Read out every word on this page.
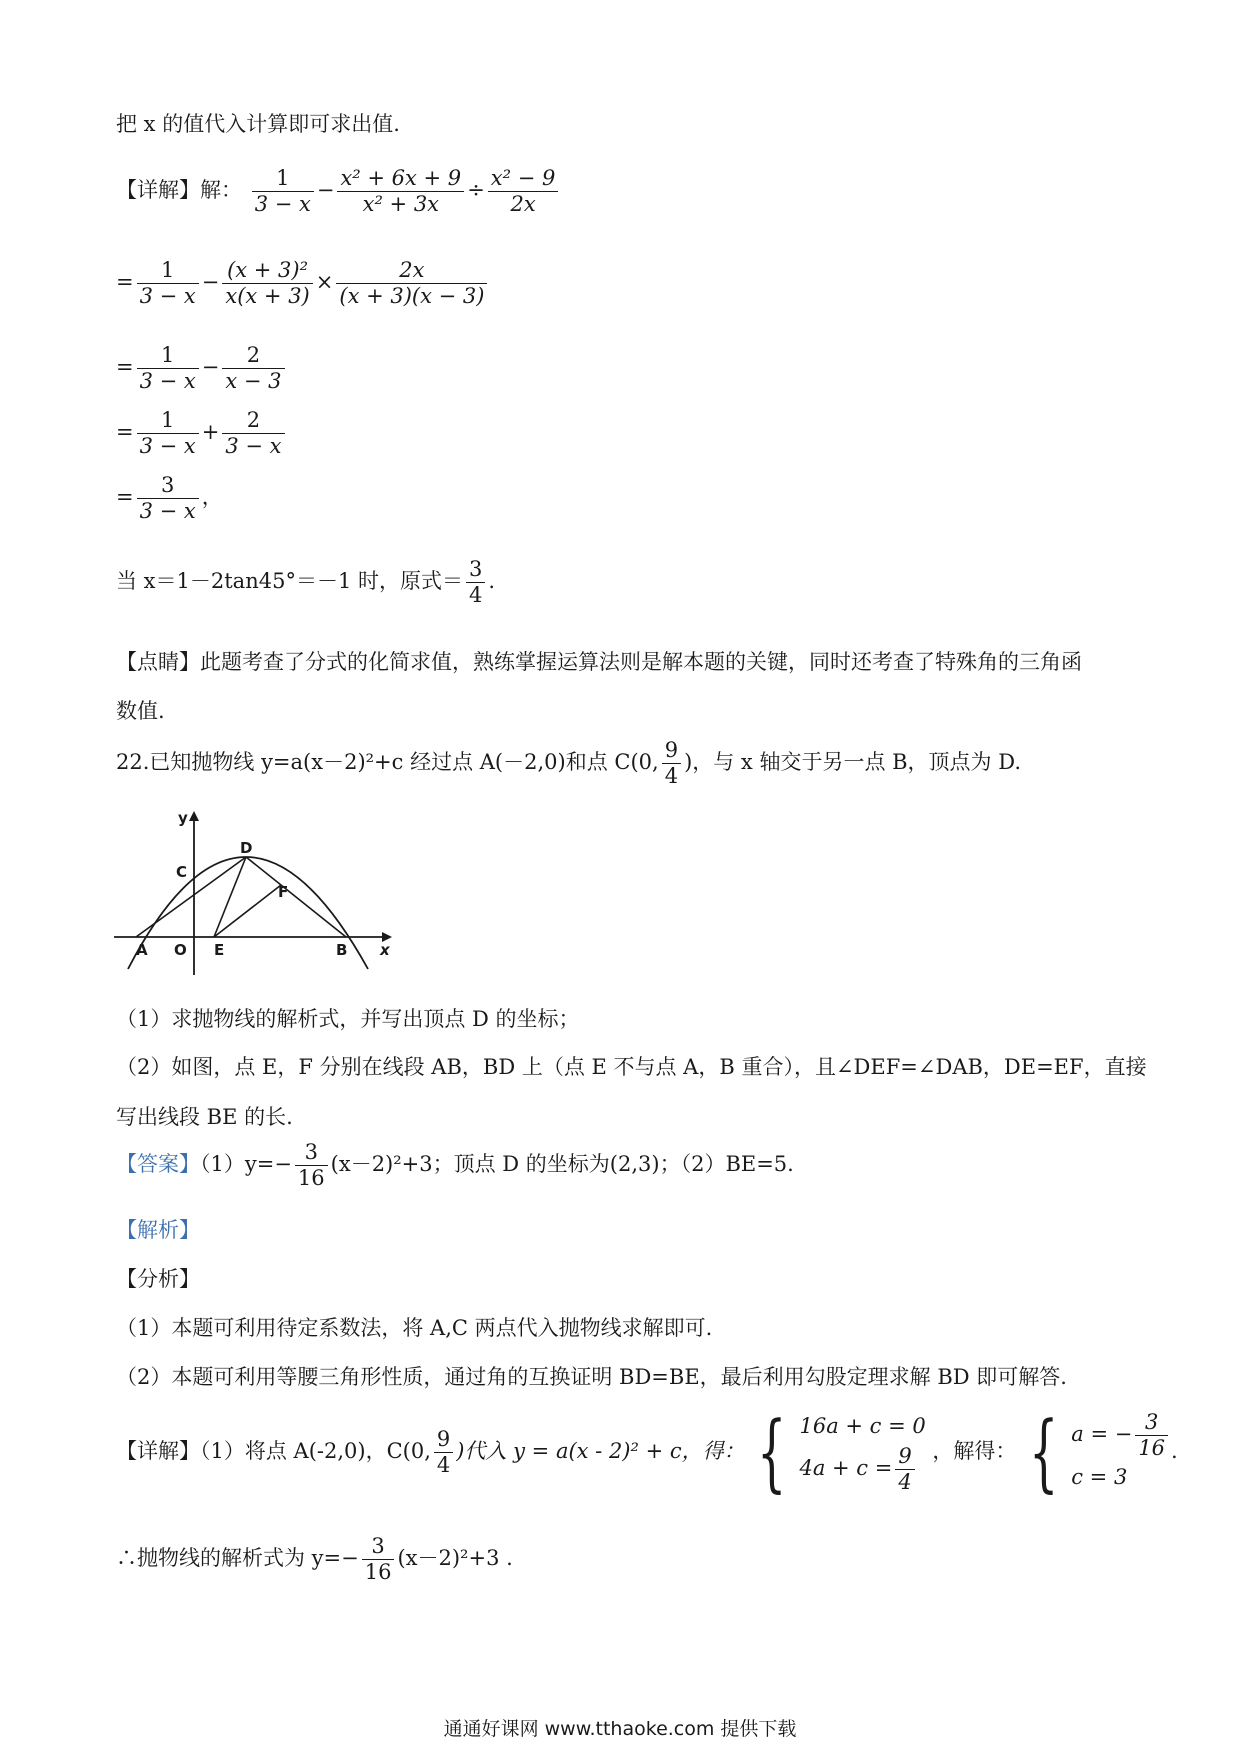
把 x 的值代入计算即可求出值.
【详解】解： $\frac{1}{3 - x} - \frac{\text{x² + 6x + 9}}{\text{x² + 3x}} \div \frac{\text{x² − 9}}{2x}$
= $\frac{1}{3 - x} - \frac{\text{(x + 3)²}}{x(x + 3)} \times \frac{2x}{(x + 3)(x - 3)}$
= $\frac{1}{3 - x} - \frac{2}{x - 3}$
= $\frac{1}{3 - x} + \frac{2}{3 - x}$
= $\frac{3}{3 - x}$ ，
当 x＝1－2tan45°＝－1 时，原式＝ $\frac{3}{4}$ .
【点睛】此题考查了分式的化简求值，熟练掌握运算法则是解本题的关键，同时还考查了特殊角的三角函
数值.
22.已知抛物线 y=a(x－2)²+c 经过点 A(－2,0)和点 C(0, $\frac{9}{4}$ )，与 x 轴交于另一点 B，顶点为 D.
y
x
D
C
F
A O E	B
（1）求抛物线的解析式，并写出顶点 D 的坐标；
（2）如图，点 E，F 分别在线段 AB，BD 上（点 E 不与点 A，B 重合），且∠DEF=∠DAB，DE=EF，直接
写出线段 BE 的长.
【答案】$(1)y=- \frac{3}{16} (x-2)^2+3$；顶点 D 的坐标为(2,3)；（2）BE=5.
【解析】
【分析】
（1）本题可利用待定系数法，将 A,C 两点代入抛物线求解即可.
（2）本题可利用等腰三角形性质，通过角的互换证明 BD=BE，最后利用勾股定理求解 BD 即可解答.
【详解】（1）将点 A(-2,0)，C(0, $\frac{9}{4}$ )代入 y = a(x - 2)² + c，得： { 16a + c = 0
$4a + c = \frac{9}{4}$ ，解得： { a = − $\frac{3}{16}$
c = 3
.
∴抛物线的解析式为 $y=- \frac{3}{16} (x-2)^2+3$ .
通通好课网 www.tthaoke.com 提供下载
